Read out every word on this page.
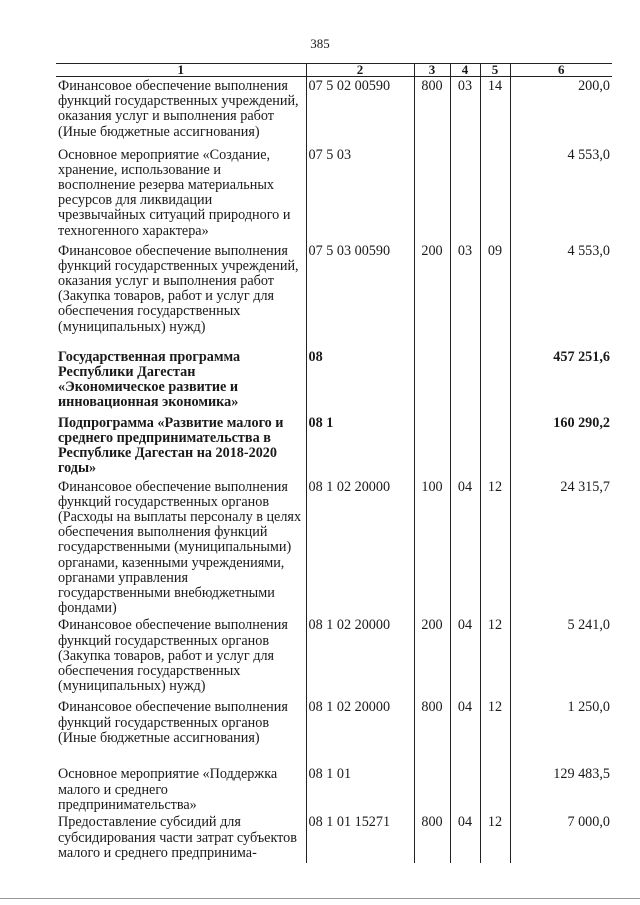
385
1	2	3	4	5	6
Финансовое обеспечение выполнения функций государственных учреждений, оказания услуг и выполнения работ (Иные бюджетные ассигнования)	07 5 02 00590	800	03	14	200,0
Основное мероприятие «Создание, хранение, использование и восполнение резерва материальных ресурсов для ликвидации чрезвычайных ситуаций природного и техногенного характера»	07 5 03				4 553,0
Финансовое обеспечение выполнения функций государственных учреждений, оказания услуг и выполнения работ (Закупка товаров, работ и услуг для обеспечения государственных (муниципальных) нужд)	07 5 03 00590	200	03	09	4 553,0
Государственная программа Республики Дагестан «Экономическое развитие и инновационная экономика»	08				457 251,6
Подпрограмма «Развитие малого и среднего предпринимательства в Республике Дагестан на 2018-2020 годы»	08 1				160 290,2
Финансовое обеспечение выполнения функций государственных органов (Расходы на выплаты персоналу в целях обеспечения выполнения функций государственными (муниципальными) органами, казенными учреждениями, органами управления государственными внебюджетными фондами)	08 1 02 20000	100	04	12	24 315,7
Финансовое обеспечение выполнения функций государственных органов (Закупка товаров, работ и услуг для обеспечения государственных (муниципальных) нужд)	08 1 02 20000	200	04	12	5 241,0
Финансовое обеспечение выполнения функций государственных органов (Иные бюджетные ассигнования)	08 1 02 20000	800	04	12	1 250,0
Основное мероприятие «Поддержка малого и среднего предпринимательства»	08 1 01				129 483,5
Предоставление субсидий для субсидирования части затрат субъектов малого и среднего предпринима-	08 1 01 15271	800	04	12	7 000,0
